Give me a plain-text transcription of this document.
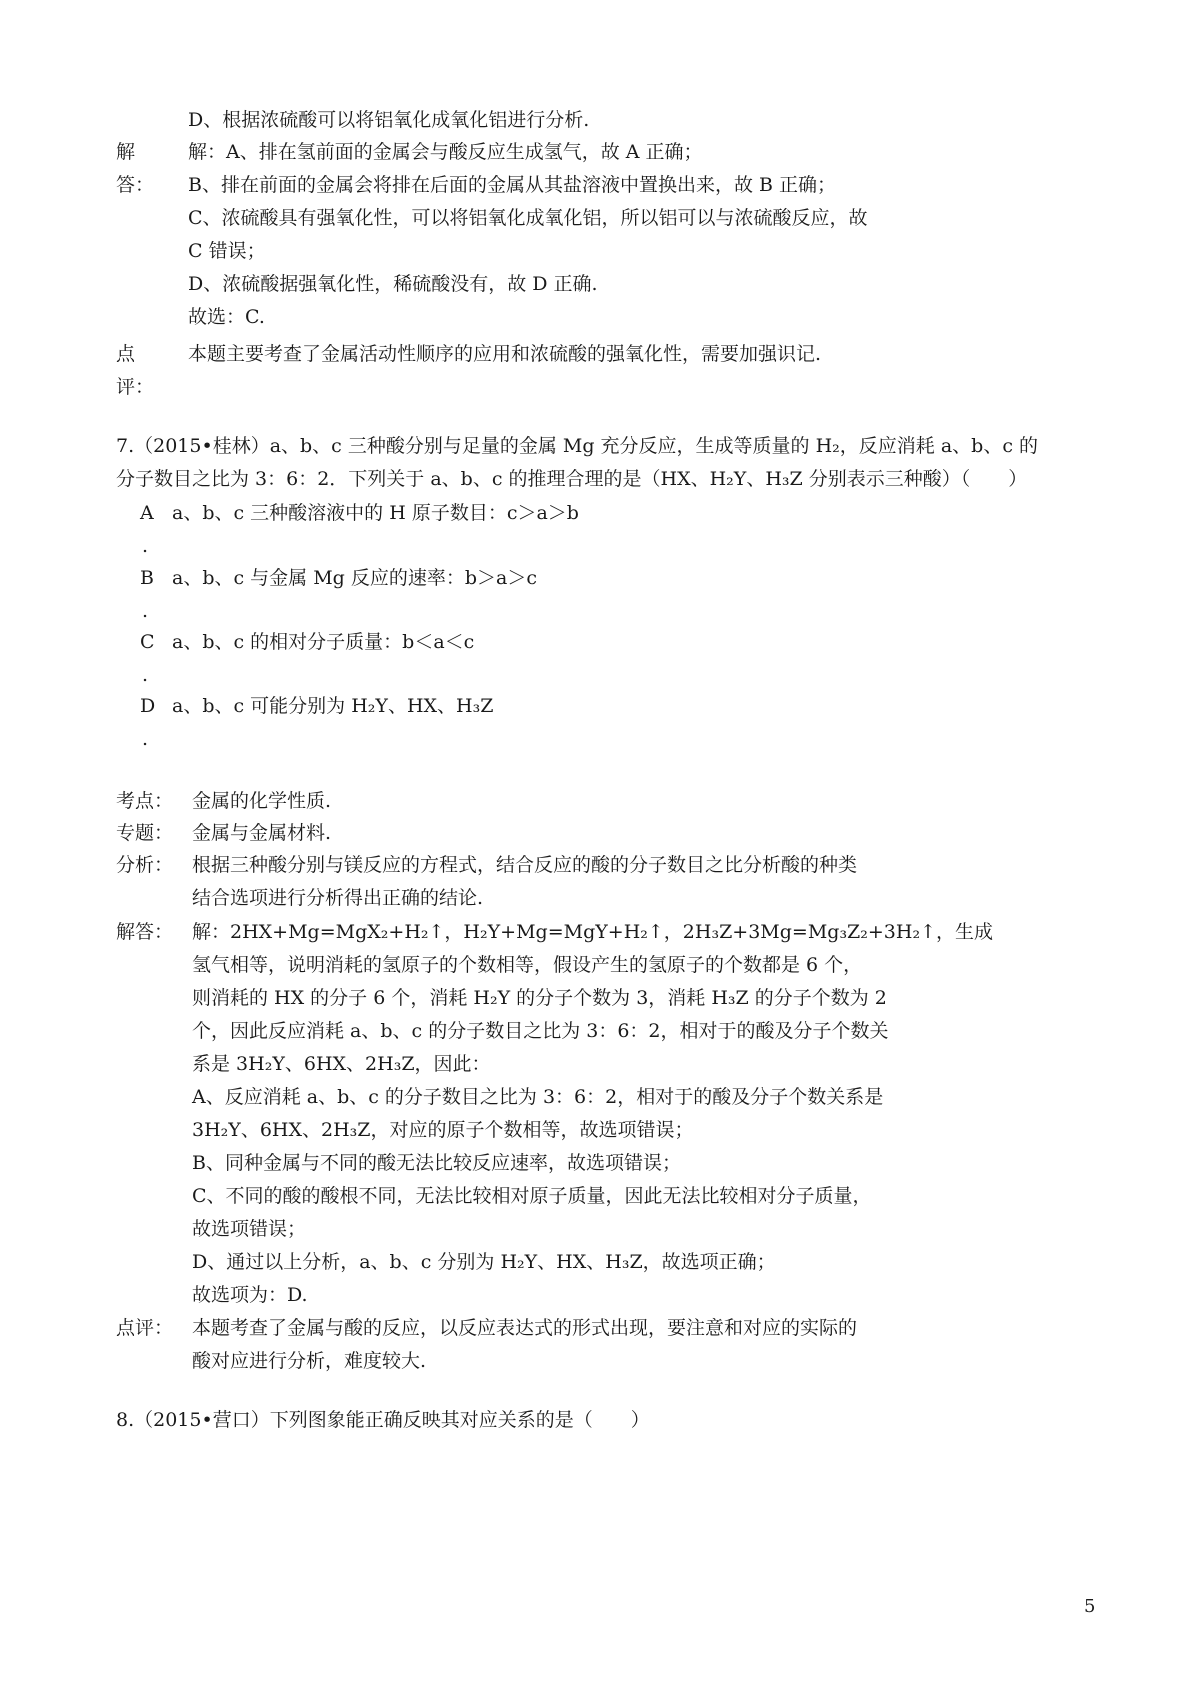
D、根据浓硫酸可以将铝氧化成氧化铝进行分析.
解
答：
解：A、排在氢前面的金属会与酸反应生成氢气，故 A 正确；
B、排在前面的金属会将排在后面的金属从其盐溶液中置换出来，故 B 正确；
C、浓硫酸具有强氧化性，可以将铝氧化成氧化铝，所以铝可以与浓硫酸反应，故
C 错误；
D、浓硫酸据强氧化性，稀硫酸没有，故 D 正确.
故选：C.
点
评：
本题主要考查了金属活动性顺序的应用和浓硫酸的强氧化性，需要加强识记.
7.（2015•桂林）a、b、c 三种酸分别与足量的金属 Mg 充分反应，生成等质量的 H₂，反应消耗 a、b、c 的
分子数目之比为 3：6：2．下列关于 a、b、c 的推理合理的是（HX、H₂Y、H₃Z 分别表示三种酸）（　　）
A a、b、c 三种酸溶液中的 H 原子数目：c＞a＞b
.
B a、b、c 与金属 Mg 反应的速率：b＞a＞c
.
C a、b、c 的相对分子质量：b＜a＜c
.
D a、b、c 可能分别为 H₂Y、HX、H₃Z
.
考点： 金属的化学性质.
专题： 金属与金属材料.
分析： 根据三种酸分别与镁反应的方程式，结合反应的酸的分子数目之比分析酸的种类
结合选项进行分析得出正确的结论.
解答： 解：2HX+Mg=MgX₂+H₂↑，H₂Y+Mg=MgY+H₂↑，2H₃Z+3Mg=Mg₃Z₂+3H₂↑，生成
氢气相等，说明消耗的氢原子的个数相等，假设产生的氢原子的个数都是 6 个，
则消耗的 HX 的分子 6 个，消耗 H₂Y 的分子个数为 3，消耗 H₃Z 的分子个数为 2
个，因此反应消耗 a、b、c 的分子数目之比为 3：6：2，相对于的酸及分子个数关
系是 3H₂Y、6HX、2H₃Z，因此：
A、反应消耗 a、b、c 的分子数目之比为 3：6：2，相对于的酸及分子个数关系是
3H₂Y、6HX、2H₃Z，对应的原子个数相等，故选项错误；
B、同种金属与不同的酸无法比较反应速率，故选项错误；
C、不同的酸的酸根不同，无法比较相对原子质量，因此无法比较相对分子质量，
故选项错误；
D、通过以上分析，a、b、c 分别为 H₂Y、HX、H₃Z，故选项正确；
故选项为：D.
点评： 本题考查了金属与酸的反应，以反应表达式的形式出现，要注意和对应的实际的
酸对应进行分析，难度较大.
8.（2015•营口）下列图象能正确反映其对应关系的是（　　）
5
